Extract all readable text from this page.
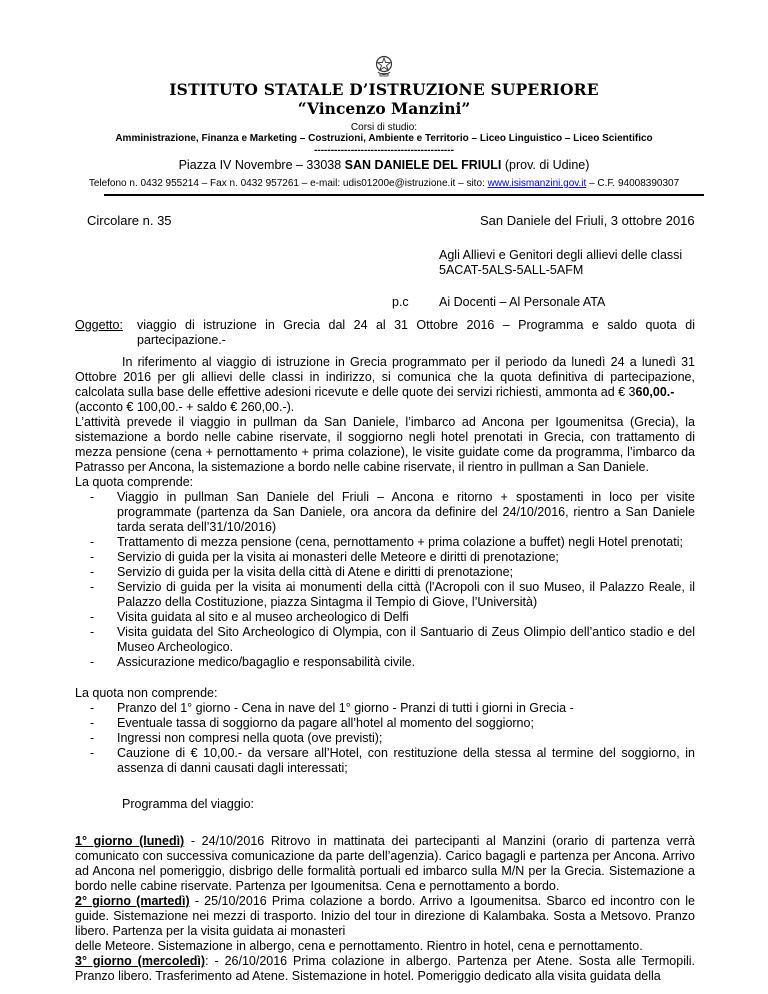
ISTITUTO STATALE D’ISTRUZIONE SUPERIORE
“Vincenzo Manzini”
Corsi di studio:
Amministrazione, Finanza e Marketing – Costruzioni, Ambiente e Territorio – Liceo Linguistico – Liceo Scientifico
------------------------------------------
Piazza IV Novembre – 33038 SAN DANIELE DEL FRIULI (prov. di Udine)
Telefono n. 0432 955214 – Fax n. 0432 957261 – e-mail: udis01200e@istruzione.it – sito: www.isismanzini.gov.it – C.F. 94008390307
Circolare n. 35	San Daniele del Friuli, 3 ottobre 2016
Agli Allievi e Genitori degli allievi delle classi
5ACAT-5ALS-5ALL-5AFM
p.c Ai Docenti – Al Personale ATA
Oggetto: viaggio di istruzione in Grecia dal 24 al 31 Ottobre 2016 – Programma e saldo quota di
partecipazione.-

In riferimento al viaggio di istruzione in Grecia programmato per il periodo da lunedì 24 a lunedì 31

Ottobre 2016 per gli allievi delle classi in indirizzo, si comunica che la quota definitiva di partecipazione,

calcolata sulla base delle effettive adesioni ricevute e delle quote dei servizi richiesti, ammonta ad € 360,00.-

(acconto € 100,00.- + saldo € 260,00.-).

L’attività prevede il viaggio in pullman da San Daniele, l’imbarco ad Ancona per Igoumenitsa (Grecia), la sistemazione a bordo nelle cabine riservate, il soggiorno negli hotel prenotati in Grecia, con trattamento di mezza pensione (cena + pernottamento + prima colazione), le visite guidate come da programma, l’imbarco da Patrasso per Ancona, la sistemazione a bordo nelle cabine riservate, il rientro in pullman a San Daniele.

La quota comprende:

- Viaggio in pullman San Daniele del Friuli – Ancona e ritorno + spostamenti in loco per visite programmate (partenza da San Daniele, ora ancora da definire del 24/10/2016, rientro a San Daniele tarda serata dell’31/10/2016)
- Trattamento di mezza pensione (cena, pernottamento + prima colazione a buffet) negli Hotel prenotati;
- Servizio di guida per la visita ai monasteri delle Meteore e diritti di prenotazione;
- Servizio di guida per la visita della città di Atene e diritti di prenotazione;
- Servizio di guida per la visita ai monumenti della città (l'Acropoli con il suo Museo, il Palazzo Reale, il Palazzo della Costituzione, piazza Sintagma il Tempio di Giove, l’Università)
- Visita guidata al sito e al museo archeologico di Delfi
- Visita guidata del Sito Archeologico di Olympia, con il Santuario di Zeus Olimpio dell’antico stadio e del Museo Archeologico.
- Assicurazione medico/bagaglio e responsabilità civile.

La quota non comprende:

- Pranzo del 1° giorno - Cena in nave del 1° giorno - Pranzi di tutti i giorni in Grecia -
- Eventuale tassa di soggiorno da pagare all’hotel al momento del soggiorno;
- Ingressi non compresi nella quota (ove previsti);
- Cauzione di € 10,00.- da versare all’Hotel, con restituzione della stessa al termine del soggiorno, in assenza di danni causati dagli interessati;

Programma del viaggio:

1° giorno (lunedì) - 24/10/2016 Ritrovo in mattinata dei partecipanti al Manzini (orario di partenza verrà comunicato con successiva comunicazione da parte dell’agenzia). Carico bagagli e partenza per Ancona. Arrivo ad Ancona nel pomeriggio, disbrigo delle formalità portuali ed imbarco sulla M/N per la Grecia. Sistemazione a bordo nelle cabine riservate. Partenza per Igoumenitsa. Cena e pernottamento a bordo.

2° giorno (martedì) - 25/10/2016 Prima colazione a bordo. Arrivo a Igoumenitsa. Sbarco ed incontro con le guide. Sistemazione nei mezzi di trasporto. Inizio del tour in direzione di Kalambaka. Sosta a Metsovo. Pranzo libero. Partenza per la visita guidata ai monasteri

delle Meteore. Sistemazione in albergo, cena e pernottamento. Rientro in hotel, cena e pernottamento.

3° giorno (mercoledì): - 26/10/2016 Prima colazione in albergo. Partenza per Atene. Sosta alle Termopili. Pranzo libero. Trasferimento ad Atene. Sistemazione in hotel. Pomeriggio dedicato alla visita guidata della
